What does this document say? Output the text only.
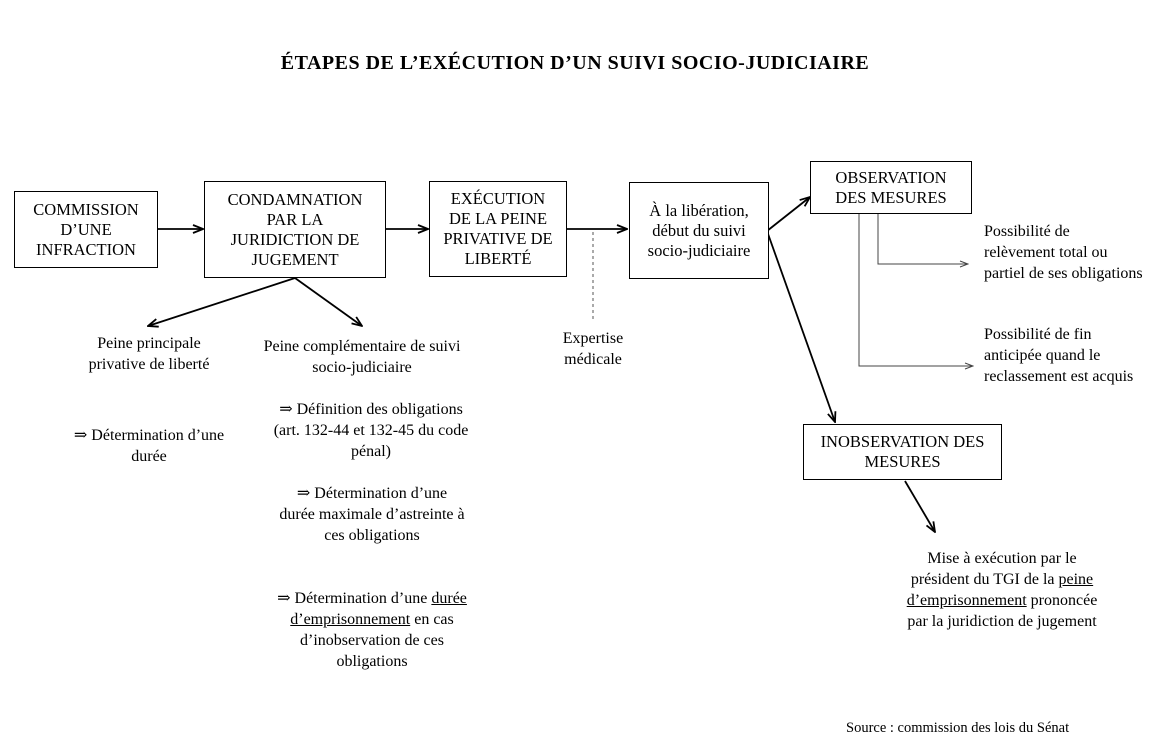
ÉTAPES DE L’EXÉCUTION D’UN SUIVI SOCIO-JUDICIAIRE
COMMISSION D’UNE INFRACTION
CONDAMNATION PAR LA JURIDICTION DE JUGEMENT
EXÉCUTION DE LA PEINE PRIVATIVE DE LIBERTÉ
À la libération, début du suivi socio-judiciaire
OBSERVATION DES MESURES
INOBSERVATION DES MESURES
Peine principale privative de liberté
⇒ Détermination d’une durée
Peine complémentaire de suivi socio-judiciaire
⇒ Définition des obligations (art. 132-44 et 132-45 du code pénal)
⇒ Détermination d’une durée maximale d’astreinte à ces obligations
⇒ Détermination d’une durée d’emprisonnement en cas d’inobservation de ces obligations
Expertise médicale
Possibilité de relèvement total ou partiel de ses obligations
Possibilité de fin anticipée quand le reclassement est acquis
Mise à exécution par le président du TGI de la peine d’emprisonnement prononcée par la juridiction de jugement
Source : commission des lois du Sénat
